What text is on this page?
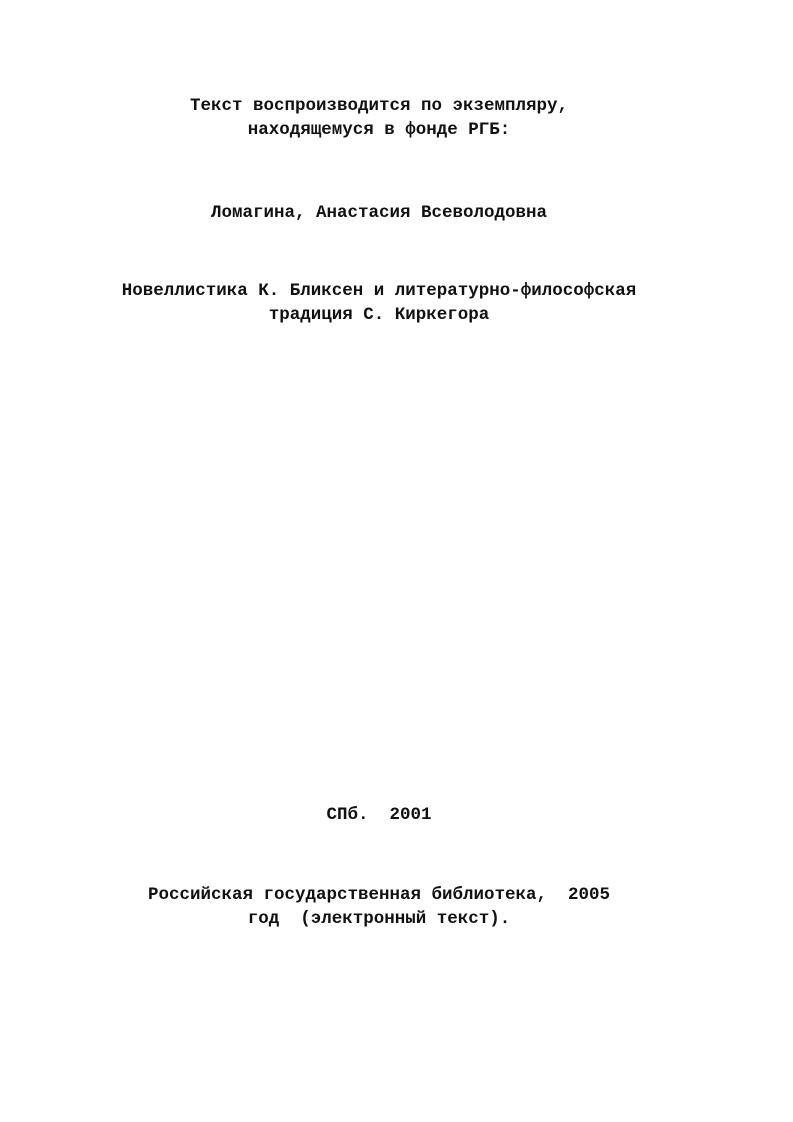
Текст воспроизводится по экземпляру,
находящемуся в фонде РГБ:
Ломагина, Анастасия Всеволодовна
Новеллистика К. Бликсен и литературно-философская
традиция С. Киркегора
СПб.  2001
Российская государственная библиотека,  2005
год  (электронный текст).
